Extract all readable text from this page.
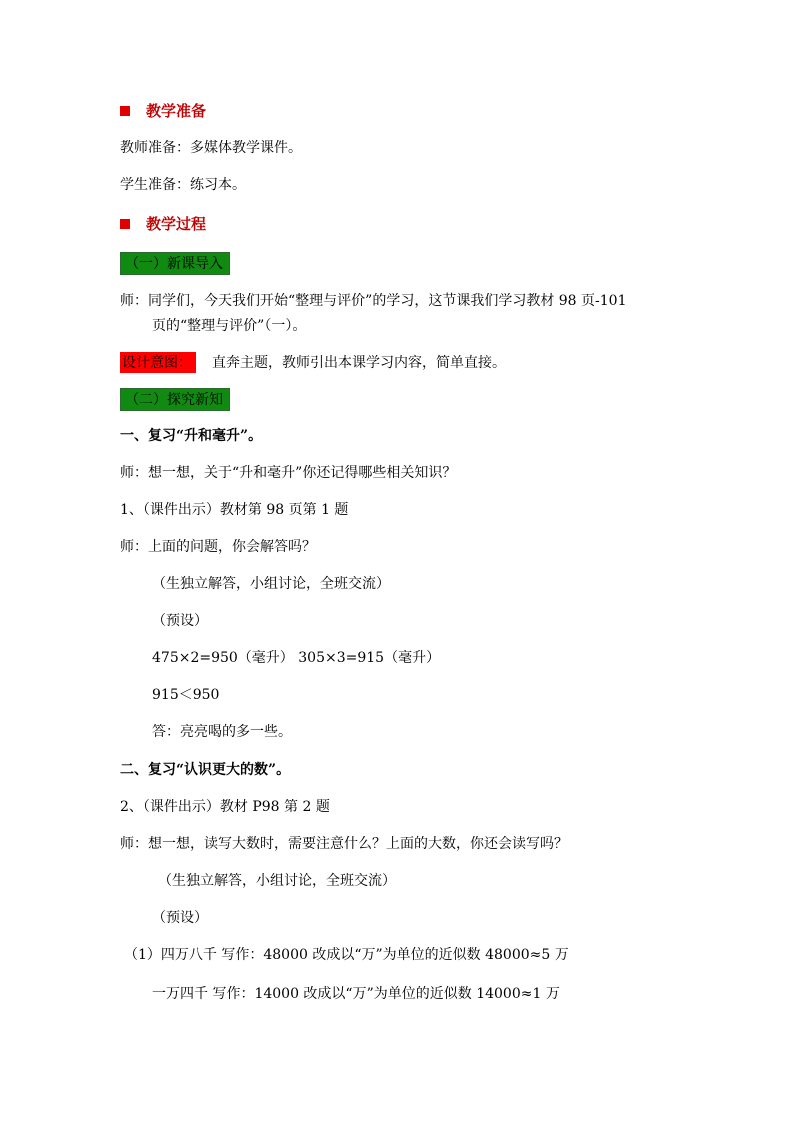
教学准备
教师准备：多媒体教学课件。
学生准备：练习本。
教学过程
（一）新课导入
师：同学们，今天我们开始“整理与评价”的学习，这节课我们学习教材 98 页-101
页的“整理与评价”（一）。
设计意图： 直奔主题，教师引出本课学习内容，简单直接。
（二）探究新知
一、复习“升和毫升”。
师：想一想，关于“升和毫升”你还记得哪些相关知识？
1、（课件出示）教材第 98 页第 1 题
师：上面的问题，你会解答吗？
（生独立解答，小组讨论，全班交流）
（预设）
475×2=950（毫升） 305×3=915（毫升）
915＜950
答：亮亮喝的多一些。
二、复习“认识更大的数”。
2、（课件出示）教材 P98 第 2 题
师：想一想，读写大数时，需要注意什么？上面的大数，你还会读写吗？
（生独立解答，小组讨论，全班交流）
（预设）
（1）四万八千 写作：48000 改成以“万”为单位的近似数 48000≈5 万
一万四千 写作：14000 改成以“万”为单位的近似数 14000≈1 万
